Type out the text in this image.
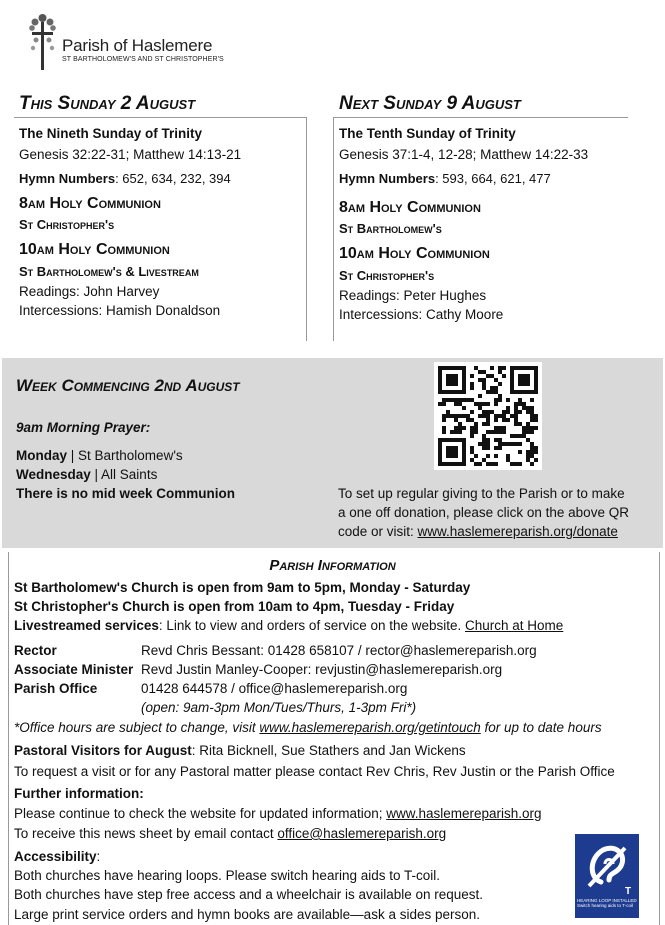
Parish of Haslemere
ST BARTHOLOMEW'S AND ST CHRISTOPHER'S
This Sunday 2 August
The Nineth Sunday of Trinity
Genesis 32:22-31; Matthew 14:13-21
Hymn Numbers: 652, 634, 232, 394
8am Holy Communion
St Christopher's
10am Holy Communion
St Bartholomew's & Livestream
Readings: John Harvey
Intercessions: Hamish Donaldson
Next Sunday 9 August
The Tenth Sunday of Trinity
Genesis 37:1-4, 12-28; Matthew 14:22-33
Hymn Numbers: 593, 664, 621, 477
8am Holy Communion
St Bartholomew's
10am Holy Communion
St Christopher's
Readings: Peter Hughes
Intercessions: Cathy Moore
Week Commencing 2nd August
9am Morning Prayer:
Monday | St Bartholomew's
Wednesday | All Saints
There is no mid week Communion	To set up regular giving to the Parish or to make
a one off donation, please click on the above QR
code or visit: www.haslemereparish.org/donate
Parish Information
St Bartholomew's Church is open from 9am to 5pm, Monday - Saturday
St Christopher's Church is open from 10am to 4pm, Tuesday - Friday
Livestreamed services: Link to view and orders of service on the website. Church at Home
Rector	Revd Chris Bessant: 01428 658107 / rector@haslemereparish.org
Associate Minister Revd Justin Manley-Cooper: revjustin@haslemereparish.org
Parish Office	01428 644578 / office@haslemereparish.org
(open: 9am-3pm Mon/Tues/Thurs, 1-3pm Fri*)
*Office hours are subject to change, visit www.haslemereparish.org/getintouch for up to date hours
Pastoral Visitors for August: Rita Bicknell, Sue Stathers and Jan Wickens
To request a visit or for any Pastoral matter please contact Rev Chris, Rev Justin or the Parish Office
Further information:
Please continue to check the website for updated information; www.haslemereparish.org
To receive this news sheet by email contact office@haslemereparish.org
Accessibility:
Both churches have hearing loops. Please switch hearing aids to T-coil.
Both churches have step free access and a wheelchair is available on request.
Large print service orders and hymn books are available—ask a sides person.
T
HEARING LOOP INSTALLED Switch hearing aids to T-coil
